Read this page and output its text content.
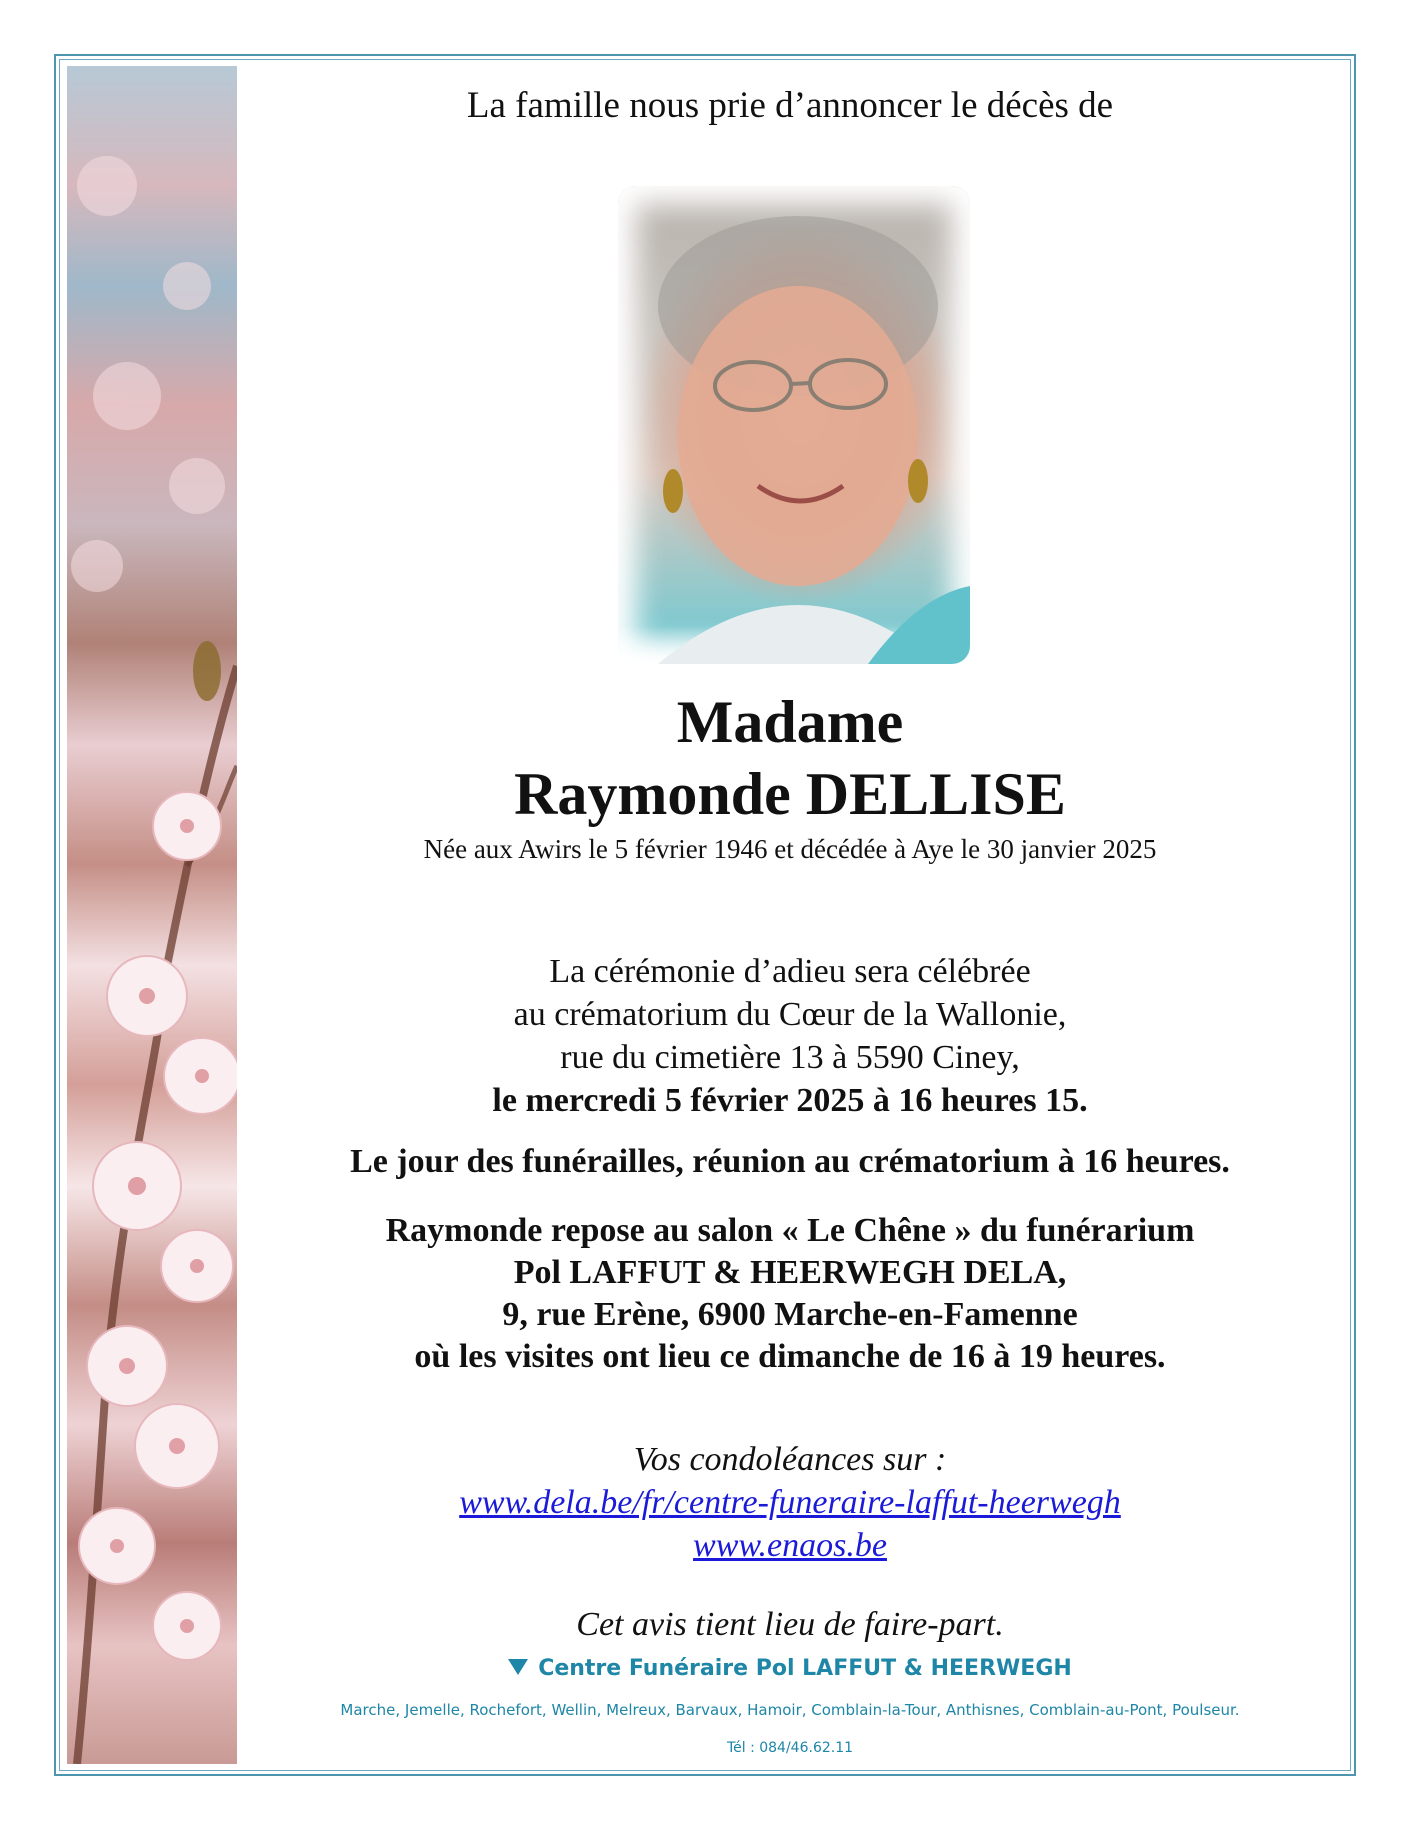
La famille nous prie d’annoncer le décès de
Madame
Raymonde DELLISE
Née aux Awirs le 5 février 1946 et décédée à Aye le 30 janvier 2025
La cérémonie d’adieu sera célébrée
au crématorium du Cœur de la Wallonie,
rue du cimetière 13 à 5590 Ciney,
le mercredi 5 février 2025 à 16 heures 15.
Le jour des funérailles, réunion au crématorium à 16 heures.
Raymonde repose au salon « Le Chêne » du funérarium
Pol LAFFUT & HEERWEGH DELA,
9, rue Erène, 6900 Marche-en-Famenne
où les visites ont lieu ce dimanche de 16 à 19 heures.
Vos condoléances sur :
www.dela.be/fr/centre-funeraire-laffut-heerwegh
www.enaos.be
Cet avis tient lieu de faire-part.
Centre Funéraire Pol LAFFUT & HEERWEGH
Marche, Jemelle, Rochefort, Wellin, Melreux, Barvaux, Hamoir, Comblain-la-Tour, Anthisnes, Comblain-au-Pont, Poulseur.
Tél : 084/46.62.11
